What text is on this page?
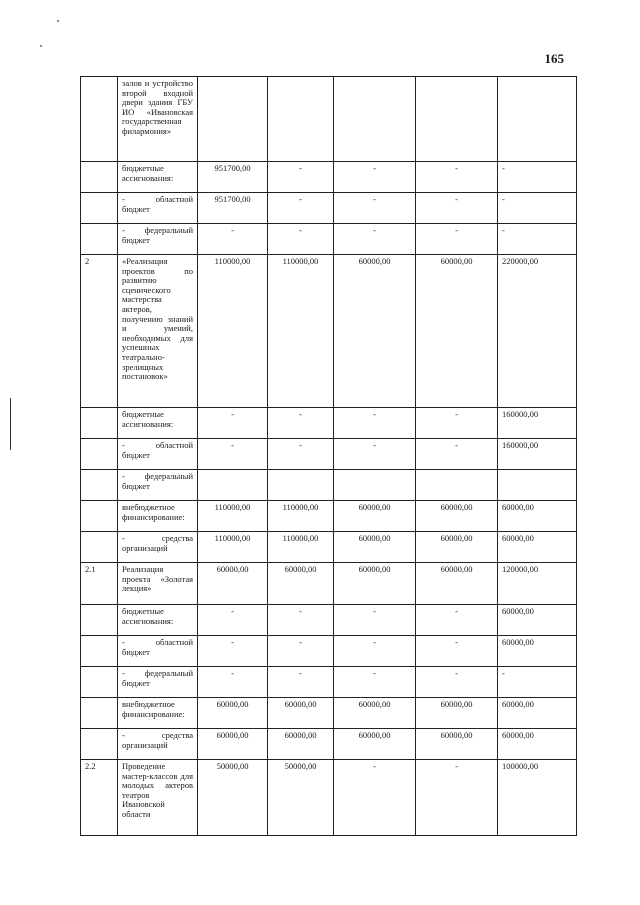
165
	залов и устройство второй входной двери здания ГБУ ИО «Ивановская государственная филармония»					
	бюджетные ассигнования:	951700,00	-	-	-	-
	- областной бюджет	951700,00	-	-	-	-
	- федеральный бюджет	-	-	-	-	-
2	«Реализация проектов по развитию сценического мастерства актеров, получению знаний и умений, необходимых для успешных театрально-зрелищных постановок»	110000,00	110000,00	60000,00	60000,00	220000,00
	бюджетные ассигнования:	-	-	-	-	160000,00
	- областной бюджет	-	-	-	-	160000,00
	- федеральный бюджет					
	внебюджетное финансирование:	110000,00	110000,00	60000,00	60000,00	60000,00
	- средства организаций	110000,00	110000,00	60000,00	60000,00	60000,00
2.1	Реализация проекта «Золотая лекция»	60000,00	60000,00	60000,00	60000,00	120000,00
	бюджетные ассигнования:	-	-	-	-	60000,00
	- областной бюджет	-	-	-	-	60000,00
	- федеральный бюджет	-	-	-	-	-
	внебюджетное финансирование:	60000,00	60000,00	60000,00	60000,00	60000,00
	- средства организаций	60000,00	60000,00	60000,00	60000,00	60000,00
2.2	Проведение мастер-классов для молодых актеров театров Ивановской области	50000,00	50000,00	-	-	100000,00
